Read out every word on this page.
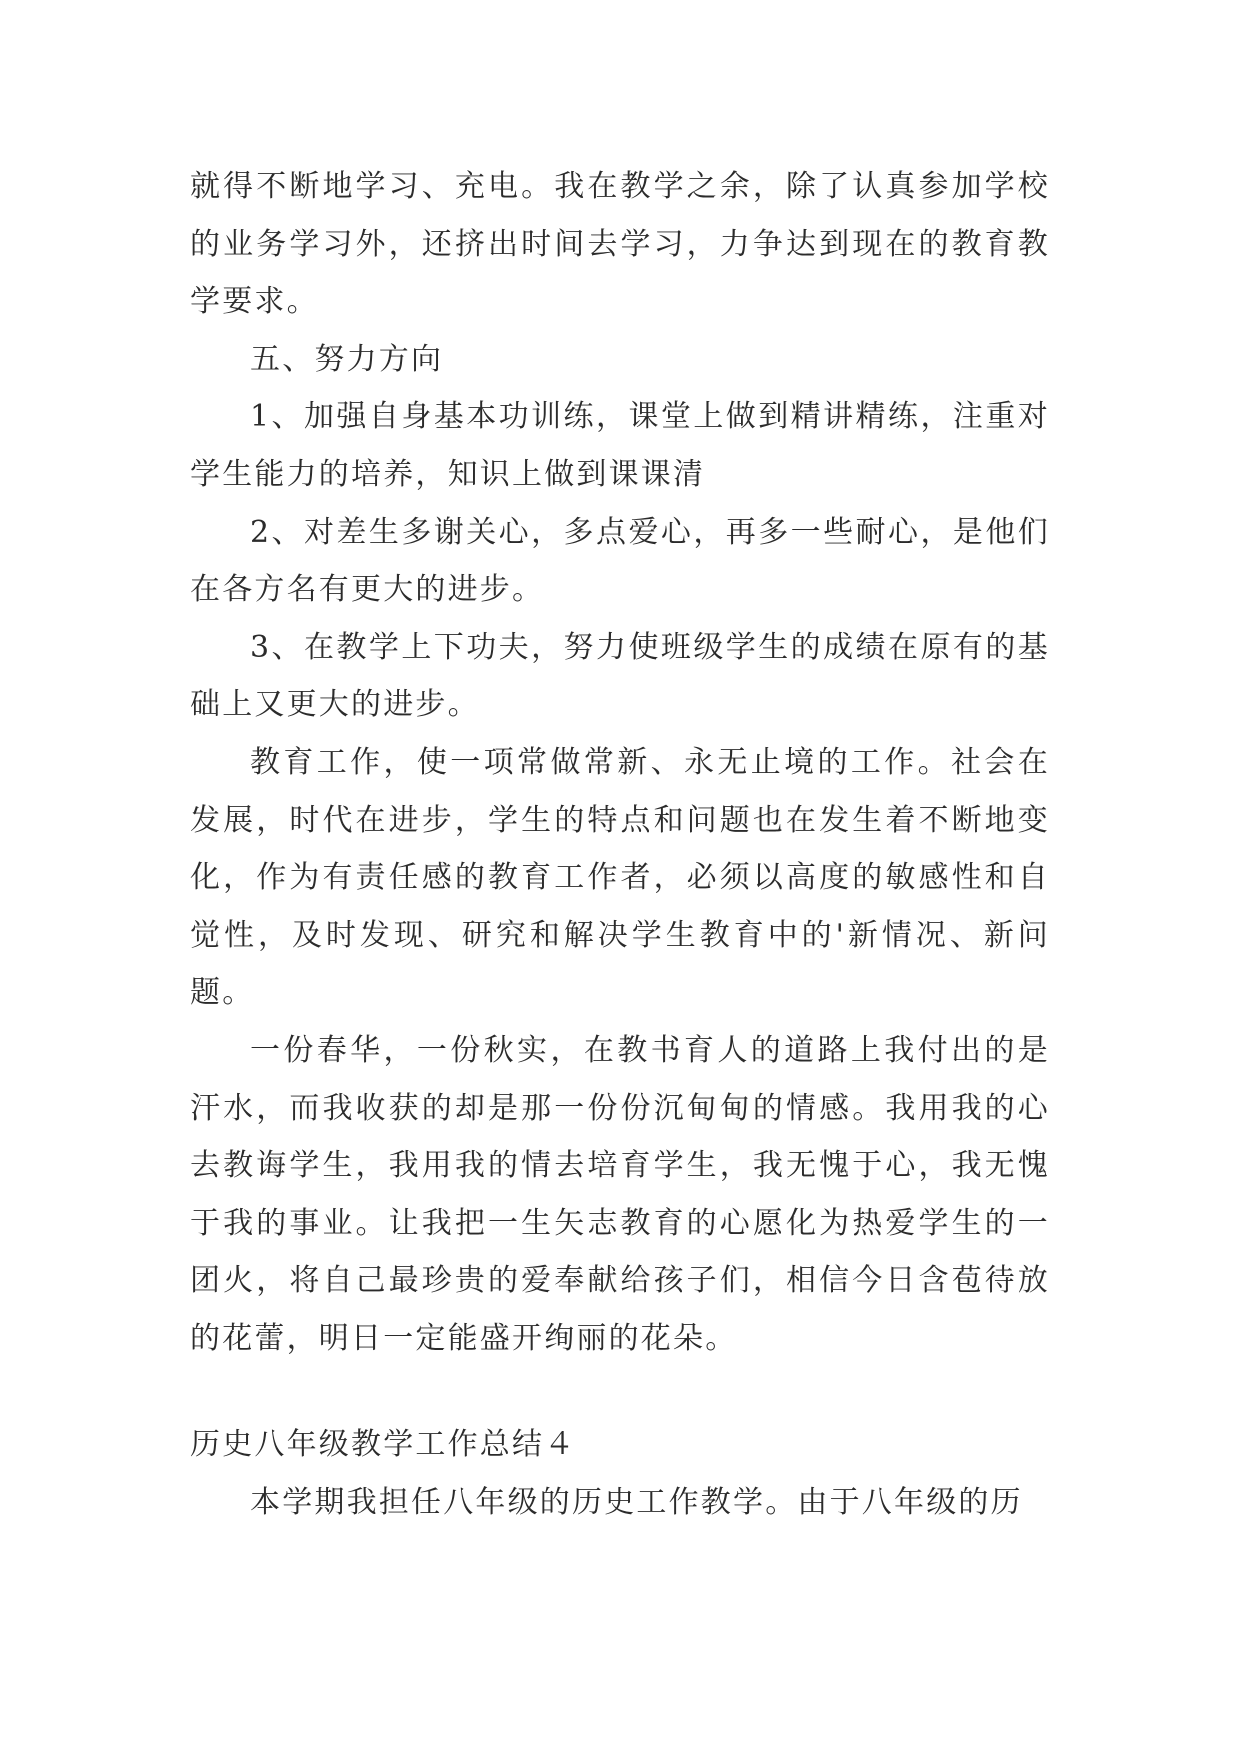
就得不断地学习、充电。我在教学之余，除了认真参加学校的业务学习外，还挤出时间去学习，力争达到现在的教育教学要求。

五、努力方向

1、加强自身基本功训练，课堂上做到精讲精练，注重对学生能力的培养，知识上做到课课清

2、对差生多谢关心，多点爱心，再多一些耐心，是他们在各方名有更大的进步。

3、在教学上下功夫，努力使班级学生的成绩在原有的基础上又更大的进步。

教育工作，使一项常做常新、永无止境的工作。社会在发展，时代在进步，学生的特点和问题也在发生着不断地变化，作为有责任感的教育工作者，必须以高度的敏感性和自觉性，及时发现、研究和解决学生教育中的'新情况、新问题。

一份春华，一份秋实，在教书育人的道路上我付出的是汗水，而我收获的却是那一份份沉甸甸的情感。我用我的心去教诲学生，我用我的情去培育学生，我无愧于心，我无愧于我的事业。让我把一生矢志教育的心愿化为热爱学生的一团火，将自己最珍贵的爱奉献给孩子们，相信今日含苞待放的花蕾，明日一定能盛开绚丽的花朵。

历史八年级教学工作总结４

本学期我担任八年级的历史工作教学。由于八年级的历
